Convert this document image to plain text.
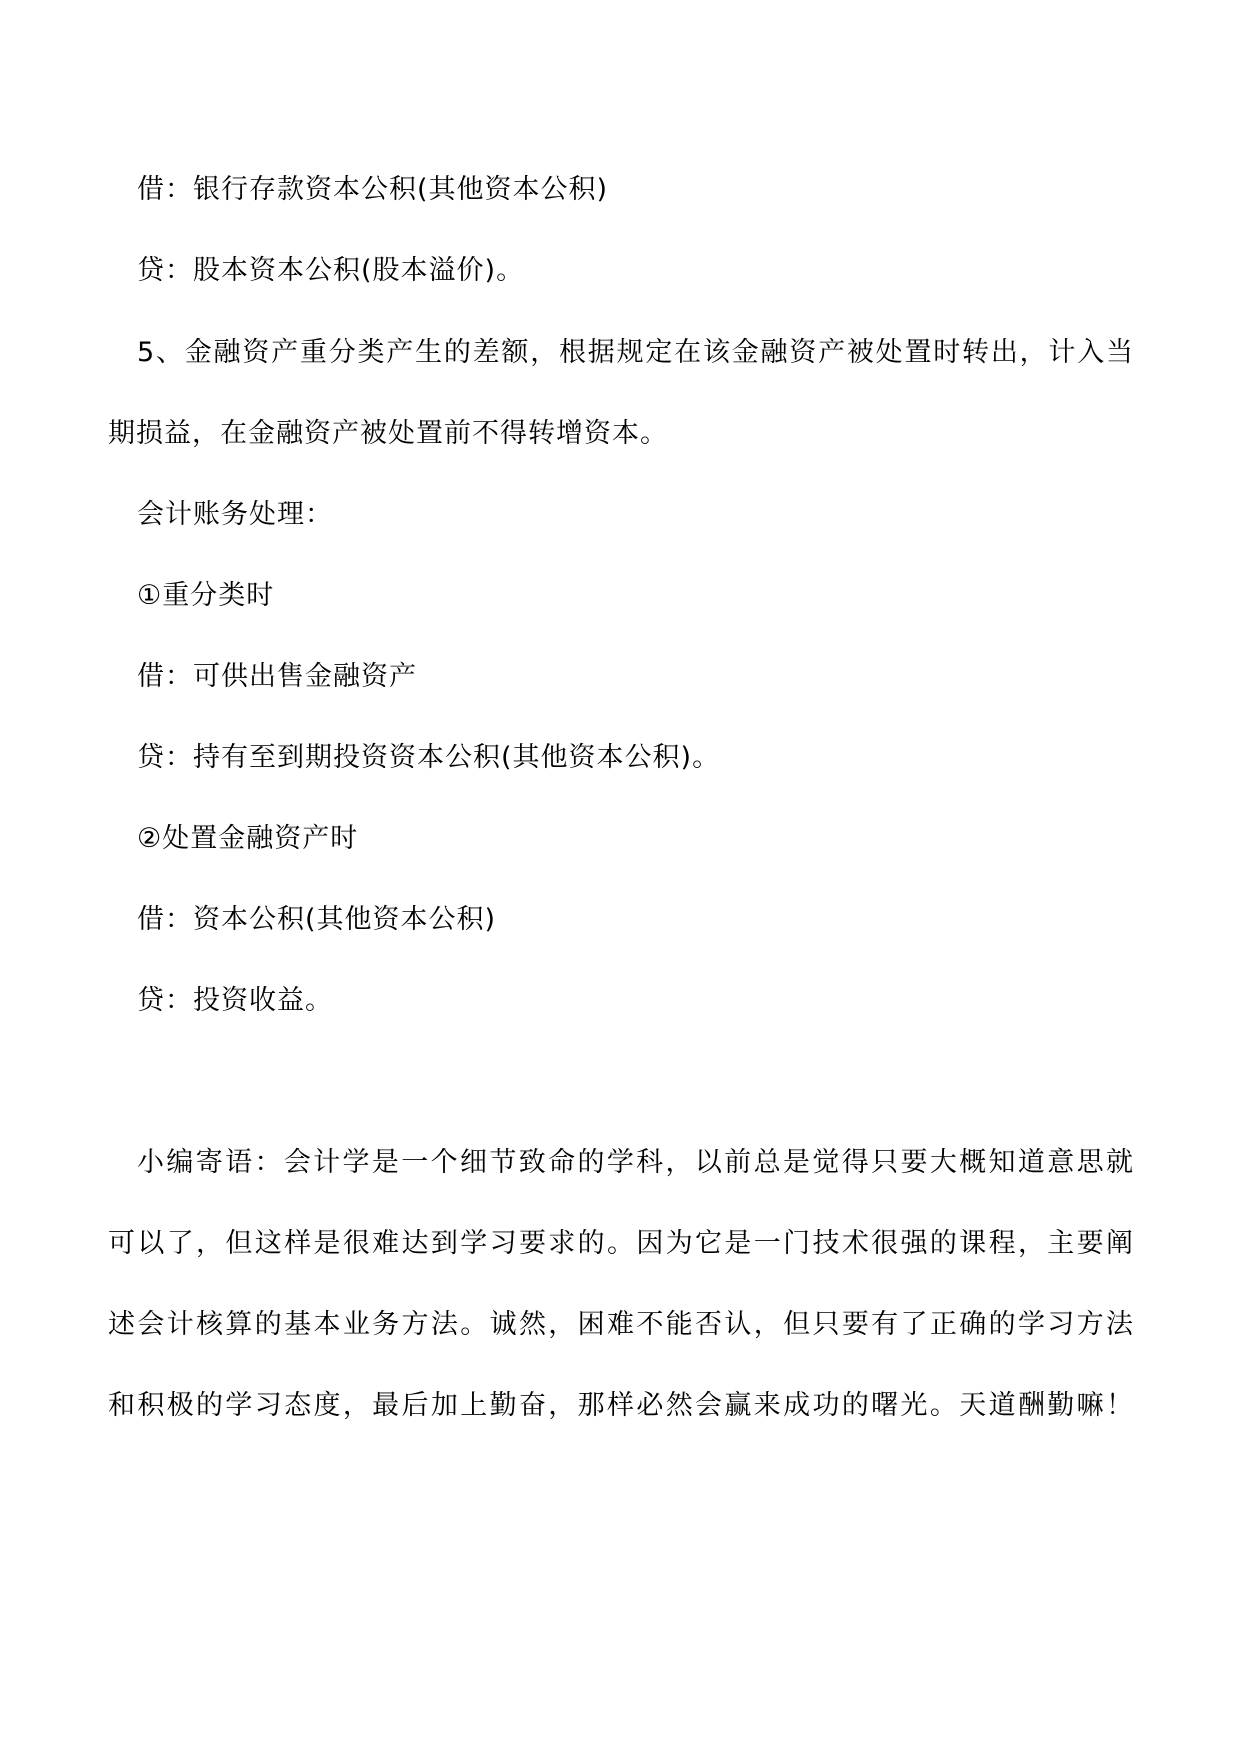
借：银行存款资本公积(其他资本公积)
贷：股本资本公积(股本溢价)。
5、金融资产重分类产生的差额，根据规定在该金融资产被处置时转出，计入当
期损益，在金融资产被处置前不得转增资本。
会计账务处理：
①重分类时
借：可供出售金融资产
贷：持有至到期投资资本公积(其他资本公积)。
②处置金融资产时
借：资本公积(其他资本公积)
贷：投资收益。
小编寄语：会计学是一个细节致命的学科，以前总是觉得只要大概知道意思就
可以了，但这样是很难达到学习要求的。因为它是一门技术很强的课程，主要阐
述会计核算的基本业务方法。诚然，困难不能否认，但只要有了正确的学习方法
和积极的学习态度，最后加上勤奋，那样必然会赢来成功的曙光。天道酬勤嘛！
